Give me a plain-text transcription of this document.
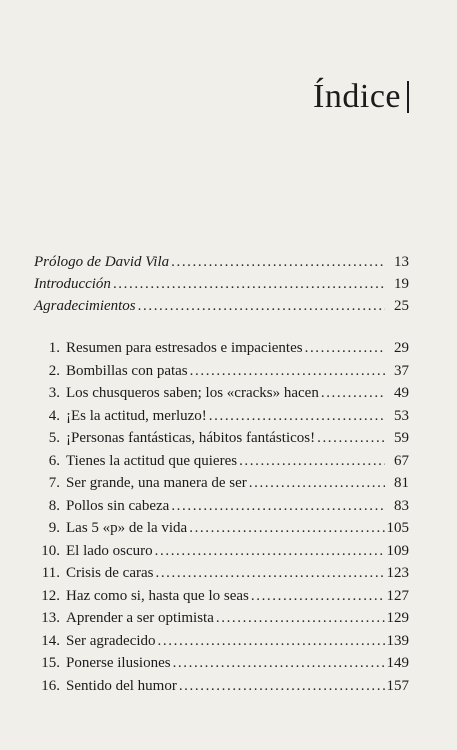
Índice
Prólogo de David Vila .....	13
Introducción .....	19
Agradecimientos .....	25
1. Resumen para estresados e impacientes .....	29
2. Bombillas con patas .....	37
3. Los chusqueros saben; los «cracks» hacen .....	49
4. ¡Es la actitud, merluzo! .....	53
5. ¡Personas fantásticas, hábitos fantásticos! .....	59
6. Tienes la actitud que quieres .....	67
7. Ser grande, una manera de ser .....	81
8. Pollos sin cabeza .....	83
9. Las 5 «p» de la vida .....	105
10. El lado oscuro .....	109
11. Crisis de caras .....	123
12. Haz como si, hasta que lo seas .....	127
13. Aprender a ser optimista .....	129
14. Ser agradecido .....	139
15. Ponerse ilusiones .....	149
16. Sentido del humor .....	157
